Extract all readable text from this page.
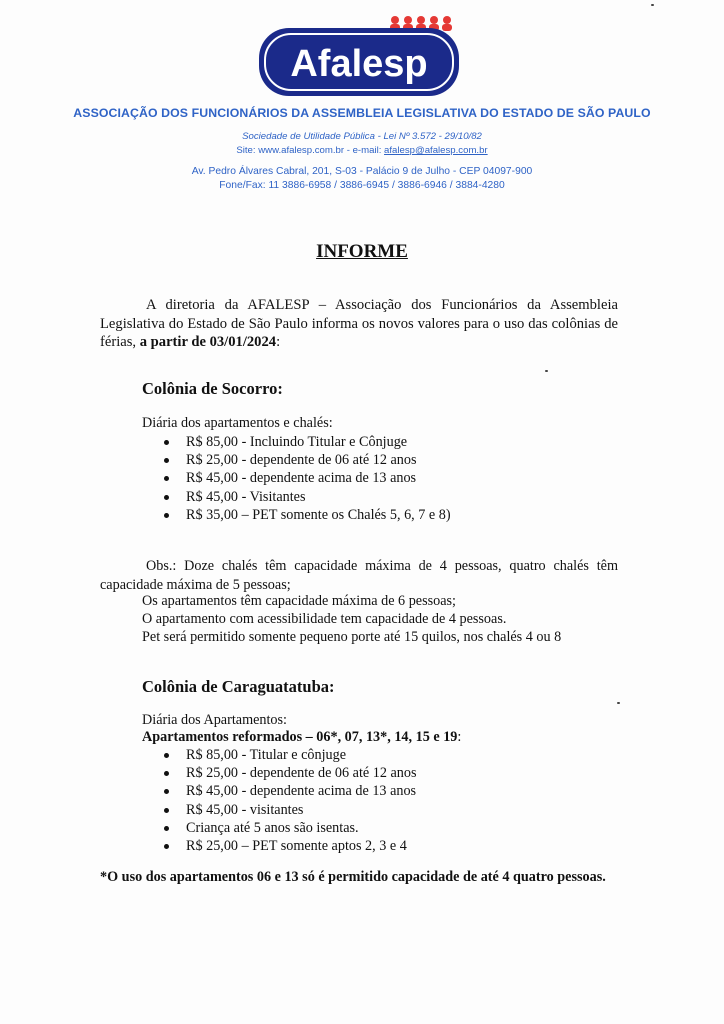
Afalesp
ASSOCIAÇÃO DOS FUNCIONÁRIOS DA ASSEMBLEIA LEGISLATIVA DO ESTADO DE SÃO PAULO
Sociedade de Utilidade Pública - Lei Nº 3.572 - 29/10/82
Site: www.afalesp.com.br - e-mail: afalesp@afalesp.com.br
Av. Pedro Álvares Cabral, 201, S-03 - Palácio 9 de Julho - CEP 04097-900
Fone/Fax: 11 3886-6958 / 3886-6945 / 3886-6946 / 3884-4280
INFORME
A diretoria da AFALESP – Associação dos Funcionários da Assembleia Legislativa do Estado de São Paulo informa os novos valores para o uso das colônias de férias, a partir de 03/01/2024:
Colônia de Socorro:
Diária dos apartamentos e chalés:
R$ 85,00 - Incluindo Titular e Cônjuge
R$ 25,00 - dependente de 06 até 12 anos
R$ 45,00 - dependente acima de 13 anos
R$ 45,00 - Visitantes
R$ 35,00 – PET somente os Chalés 5, 6, 7 e 8)
Obs.: Doze chalés têm capacidade máxima de 4 pessoas, quatro chalés têm capacidade máxima de 5 pessoas;
Os apartamentos têm capacidade máxima de 6 pessoas;
O apartamento com acessibilidade tem capacidade de 4 pessoas.
Pet será permitido somente pequeno porte até 15 quilos, nos chalés 4 ou 8
Colônia de Caraguatatuba:
Diária dos Apartamentos:
Apartamentos reformados – 06*, 07, 13*, 14, 15 e 19:
R$ 85,00 - Titular e cônjuge
R$ 25,00 - dependente de 06 até 12 anos
R$ 45,00 - dependente acima de 13 anos
R$ 45,00 - visitantes
Criança até 5 anos são isentas.
R$ 25,00 – PET somente aptos 2, 3 e 4
*O uso dos apartamentos 06 e 13 só é permitido capacidade de até 4 quatro pessoas.
